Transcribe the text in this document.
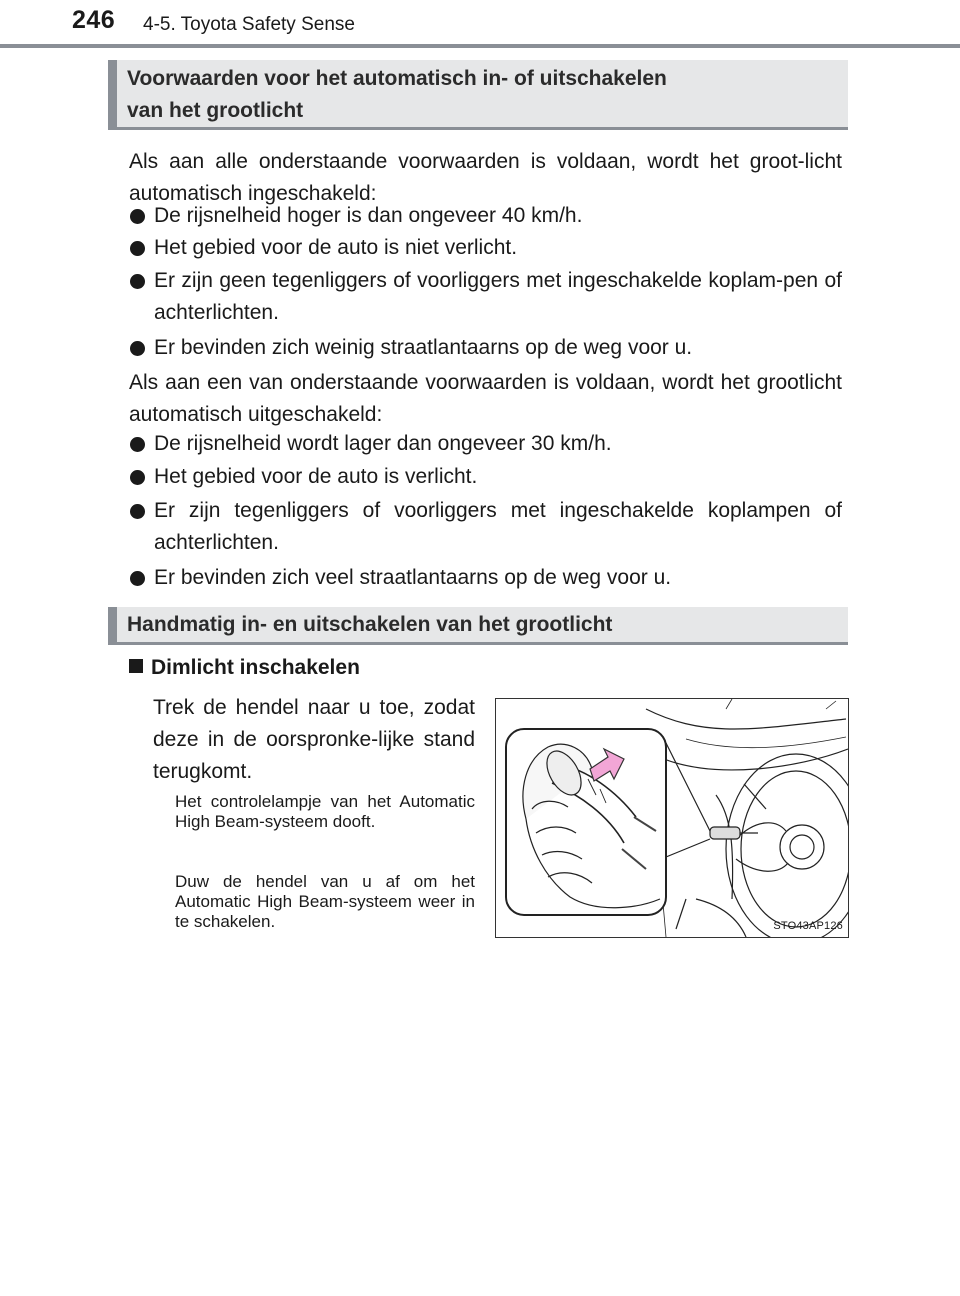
246 4-5. Toyota Safety Sense
Voorwaarden voor het automatisch in- of uitschakelen
van het grootlicht
Als aan alle onderstaande voorwaarden is voldaan, wordt het groot-licht automatisch ingeschakeld:
De rijsnelheid hoger is dan ongeveer 40 km/h.
Het gebied voor de auto is niet verlicht.
Er zijn geen tegenliggers of voorliggers met ingeschakelde koplam-pen of achterlichten.
Er bevinden zich weinig straatlantaarns op de weg voor u.
Als aan een van onderstaande voorwaarden is voldaan, wordt het grootlicht automatisch uitgeschakeld:
De rijsnelheid wordt lager dan ongeveer 30 km/h.
Het gebied voor de auto is verlicht.
Er zijn tegenliggers of voorliggers met ingeschakelde koplampen of achterlichten.
Er bevinden zich veel straatlantaarns op de weg voor u.
Handmatig in- en uitschakelen van het grootlicht
Dimlicht inschakelen
Trek de hendel naar u toe, zodat deze in de oorspronke-lijke stand terugkomt.
Het controlelampje van het Automatic High Beam-systeem dooft.
Duw de hendel van u af om het Automatic High Beam-systeem weer in te schakelen.	STO43AP126
